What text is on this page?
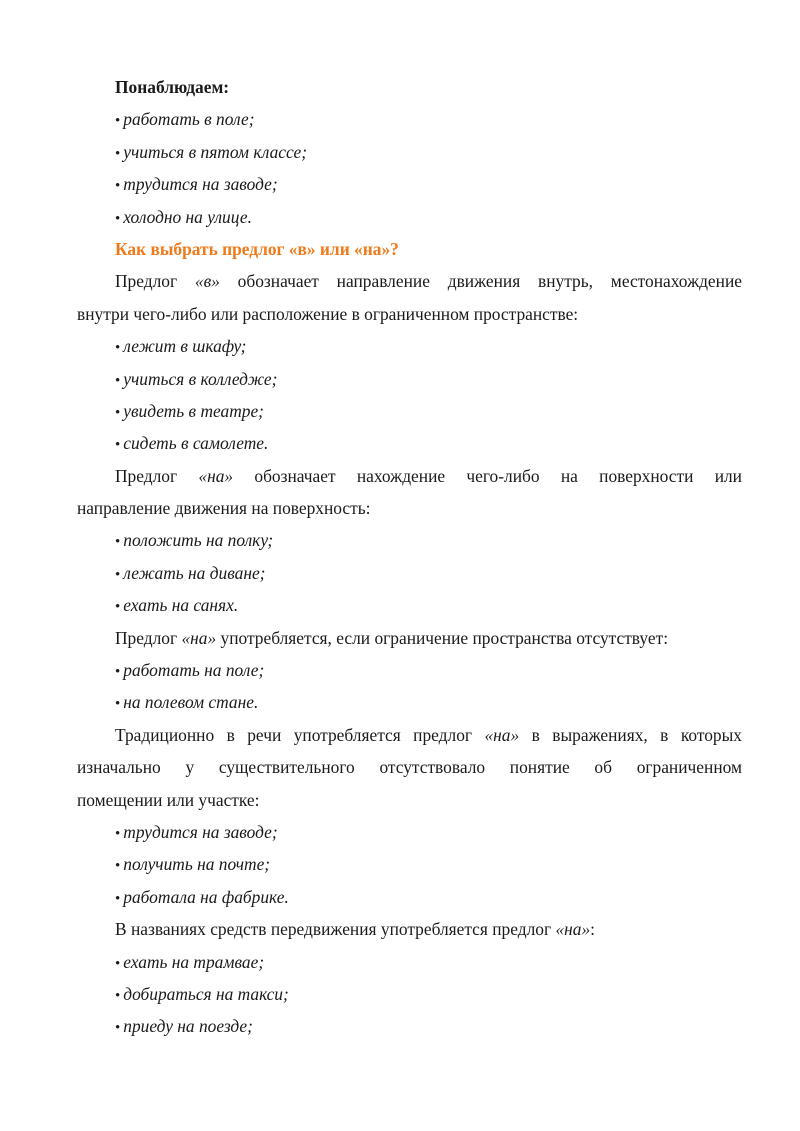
Понаблюдаем:
• работать в поле;
• учиться в пятом классе;
• трудится на заводе;
• холодно на улице.
Как выбрать предлог «в» или «на»?
Предлог «в» обозначает направление движения внутрь, местонахождение
внутри чего-либо или расположение в ограниченном пространстве:
• лежит в шкафу;
• учиться в колледже;
• увидеть в театре;
• сидеть в самолете.
Предлог «на» обозначает нахождение чего-либо на поверхности или
направление движения на поверхность:
• положить на полку;
• лежать на диване;
• ехать на санях.
Предлог «на» употребляется, если ограничение пространства отсутствует:
• работать на поле;
• на полевом стане.
Традиционно в речи употребляется предлог «на» в выражениях, в которых
изначально у существительного отсутствовало понятие об ограниченном
помещении или участке:
• трудится на заводе;
• получить на почте;
• работала на фабрике.
В названиях средств передвижения употребляется предлог «на»:
• ехать на трамвае;
• добираться на такси;
• приеду на поезде;
